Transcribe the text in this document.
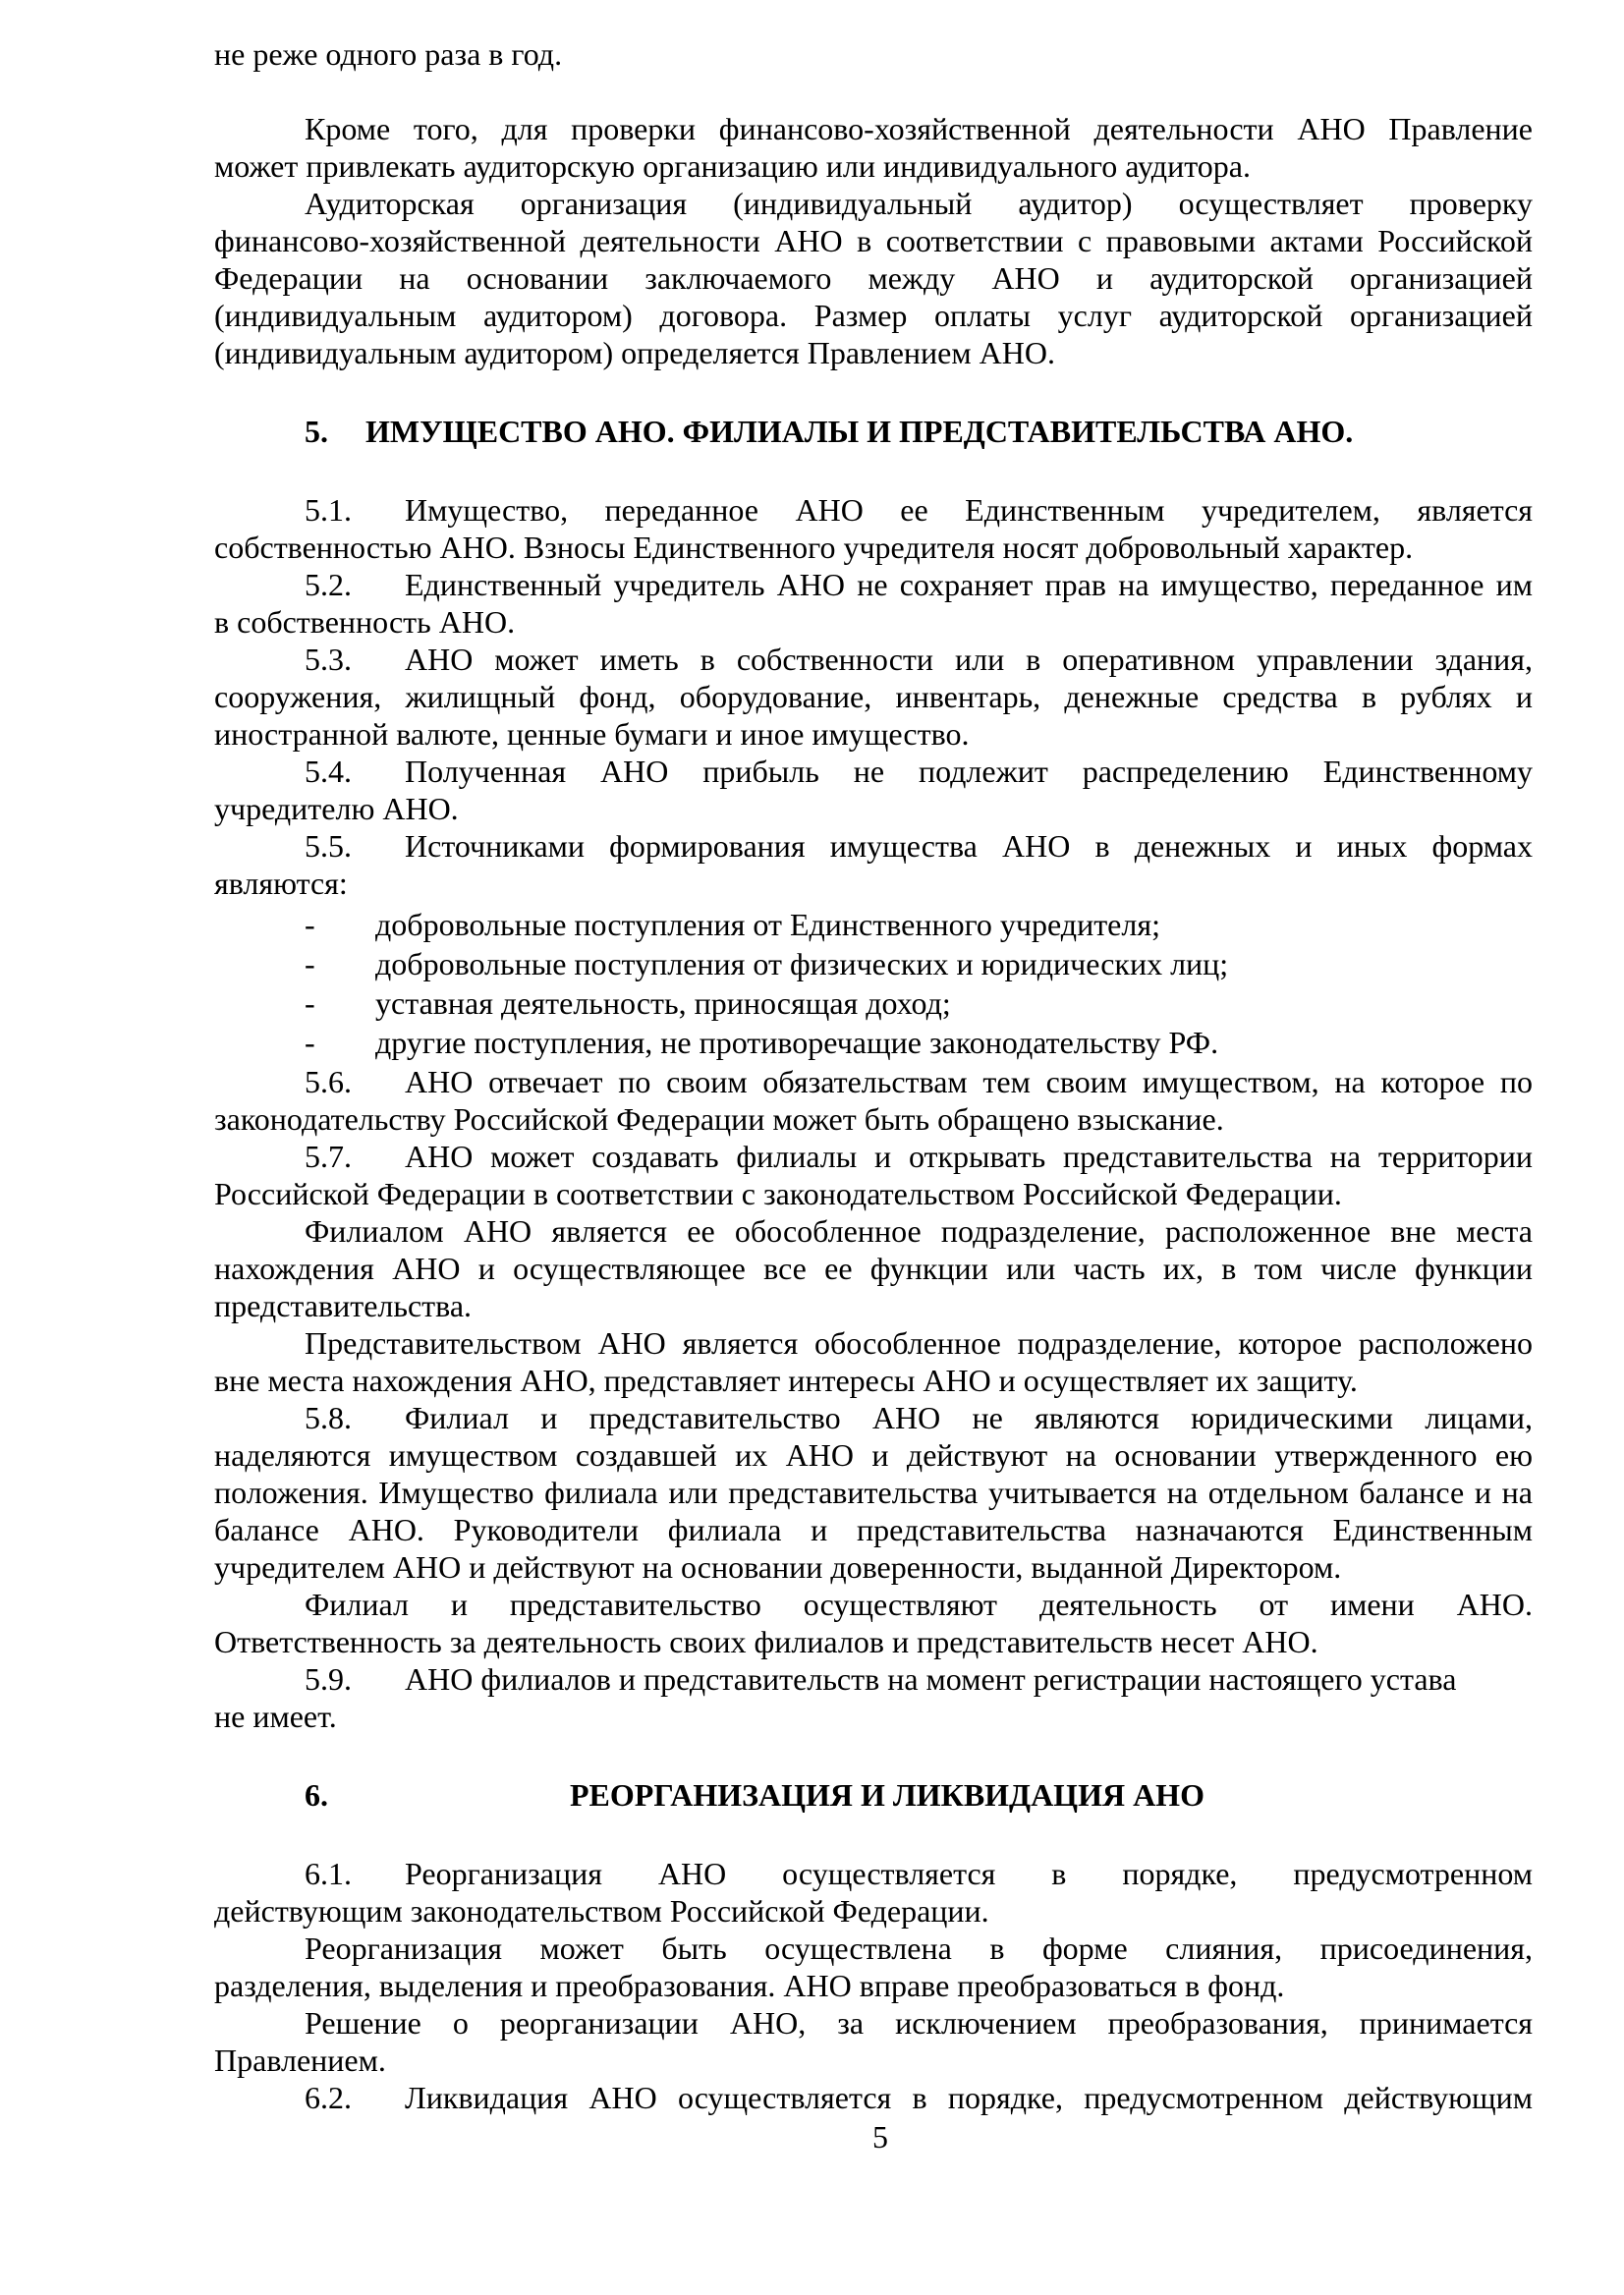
не реже одного раза в год.
Кроме того, для проверки финансово-хозяйственной деятельности АНО Правление
может привлекать аудиторскую организацию или индивидуального аудитора.
Аудиторская организация (индивидуальный аудитор) осуществляет проверку
финансово-хозяйственной деятельности АНО в соответствии с правовыми актами Российской
Федерации на основании заключаемого между АНО и аудиторской организацией
(индивидуальным аудитором) договора. Размер оплаты услуг аудиторской организацией
(индивидуальным аудитором) определяется Правлением АНО.
5. ИМУЩЕСТВО АНО. ФИЛИАЛЫ И ПРЕДСТАВИТЕЛЬСТВА АНО.
5.1. Имущество, переданное АНО ее Единственным учредителем, является
собственностью АНО. Взносы Единственного учредителя носят добровольный характер.
5.2. Единственный учредитель АНО не сохраняет прав на имущество, переданное им
в собственность АНО.
5.3. АНО может иметь в собственности или в оперативном управлении здания,
сооружения, жилищный фонд, оборудование, инвентарь, денежные средства в рублях и
иностранной валюте, ценные бумаги и иное имущество.
5.4. Полученная АНО прибыль не подлежит распределению Единственному
учредителю АНО.
5.5. Источниками формирования имущества АНО в денежных и иных формах
являются:
- добровольные поступления от Единственного учредителя;
- добровольные поступления от физических и юридических лиц;
- уставная деятельность, приносящая доход;
- другие поступления, не противоречащие законодательству РФ.
5.6. АНО отвечает по своим обязательствам тем своим имуществом, на которое по
законодательству Российской Федерации может быть обращено взыскание.
5.7. АНО может создавать филиалы и открывать представительства на территории
Российской Федерации в соответствии с законодательством Российской Федерации.
Филиалом АНО является ее обособленное подразделение, расположенное вне места
нахождения АНО и осуществляющее все ее функции или часть их, в том числе функции
представительства.
Представительством АНО является обособленное подразделение, которое расположено
вне места нахождения АНО, представляет интересы АНО и осуществляет их защиту.
5.8. Филиал и представительство АНО не являются юридическими лицами,
наделяются имуществом создавшей их АНО и действуют на основании утвержденного ею
положения. Имущество филиала или представительства учитывается на отдельном балансе и на
балансе АНО. Руководители филиала и представительства назначаются Единственным
учредителем АНО и действуют на основании доверенности, выданной Директором.
Филиал и представительство осуществляют деятельность от имени АНО.
Ответственность за деятельность своих филиалов и представительств несет АНО.
5.9. АНО филиалов и представительств на момент регистрации настоящего устава
не имеет.
6.	РЕОРГАНИЗАЦИЯ И ЛИКВИДАЦИЯ АНО
6.1. Реорганизация АНО осуществляется в порядке, предусмотренном
действующим законодательством Российской Федерации.
Реорганизация может быть осуществлена в форме слияния, присоединения,
разделения, выделения и преобразования. АНО вправе преобразоваться в фонд.
Решение о реорганизации АНО, за исключением преобразования, принимается
Правлением.
6.2. Ликвидация АНО осуществляется в порядке, предусмотренном действующим
5
